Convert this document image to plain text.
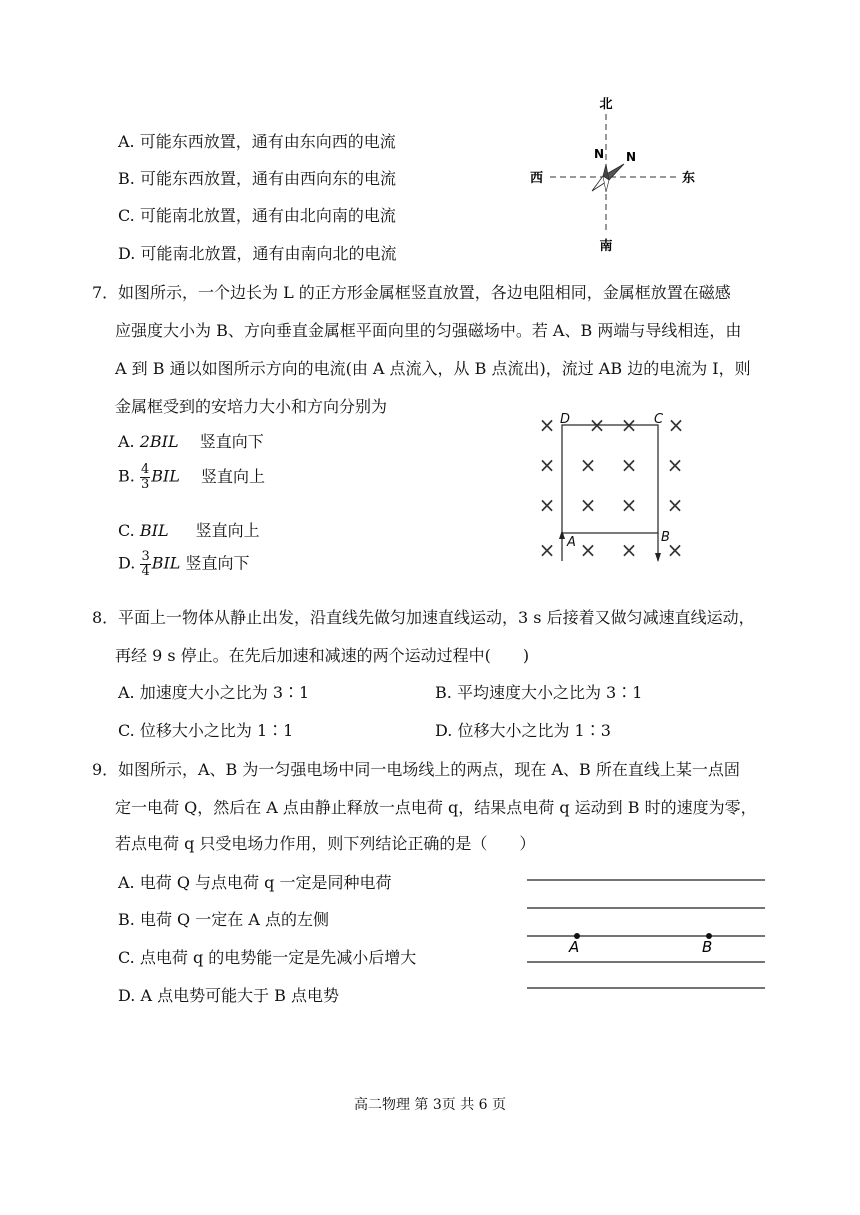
A. 可能东西放置，通有由东向西的电流
B. 可能东西放置，通有由西向东的电流
C. 可能南北放置，通有由北向南的电流
D. 可能南北放置，通有由南向北的电流
北
南
西	东
N N
7． 如图所示，一个边长为 L 的正方形金属框竖直放置，各边电阻相同，金属框放置在磁感
应强度大小为 B、方向垂直金属框平面向里的匀强磁场中。若 A、B 两端与导线相连，由
A 到 B 通以如图所示方向的电流(由 A 点流入，从 B 点流出)，流过 AB 边的电流为 I，则
金属框受到的安培力大小和方向分别为
A. 2BIL 竖直向下
B. $\frac{4}{3}$ BIL 竖直向上
C. BIL 竖直向上
D. $\frac{3}{4}$ BIL 竖直向下
× × × ×
× × × ×
× × × ×
× × × ×
D	C
A	B
8． 平面上一物体从静止出发，沿直线先做匀加速直线运动，3 s 后接着又做匀减速直线运动，
再经 9 s 停止。在先后加速和减速的两个运动过程中(　　)
A. 加速度大小之比为 3∶1	B. 平均速度大小之比为 3∶1
C. 位移大小之比为 1∶1	D. 位移大小之比为 1∶3
9． 如图所示，A、B 为一匀强电场中同一电场线上的两点，现在 A、B 所在直线上某一点固
定一电荷 Q，然后在 A 点由静止释放一点电荷 q，结果点电荷 q 运动到 B 时的速度为零，
若点电荷 q 只受电场力作用，则下列结论正确的是（　　）
A. 电荷 Q 与点电荷 q 一定是同种电荷
B. 电荷 Q 一定在 A 点的左侧
C. 点电荷 q 的电势能一定是先减小后增大
D. A 点电势可能大于 B 点电势
A	B
高二物理 第 3页 共 6 页
